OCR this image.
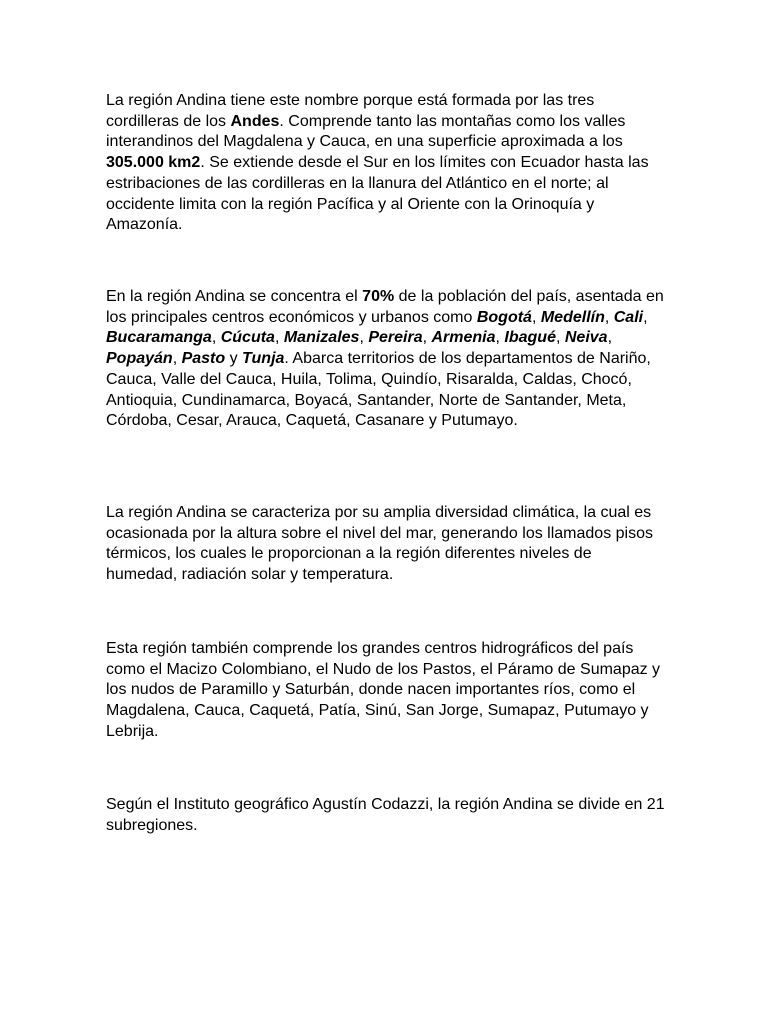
La región Andina tiene este nombre porque está formada por las tres cordilleras de los Andes. Comprende tanto las montañas como los valles interandinos del Magdalena y Cauca, en una superficie aproximada a los 305.000 km2. Se extiende desde el Sur en los límites con Ecuador hasta las estribaciones de las cordilleras en la llanura del Atlántico en el norte; al occidente limita con la región Pacífica y al Oriente con la Orinoquía y Amazonía.

En la región Andina se concentra el 70% de la población del país, asentada en los principales centros económicos y urbanos como Bogotá, Medellín, Cali, Bucaramanga, Cúcuta, Manizales, Pereira, Armenia, Ibagué, Neiva, Popayán, Pasto y Tunja. Abarca territorios de los departamentos de Nariño, Cauca, Valle del Cauca, Huila, Tolima, Quindío, Risaralda, Caldas, Chocó, Antioquia, Cundinamarca, Boyacá, Santander, Norte de Santander, Meta, Córdoba, Cesar, Arauca, Caquetá, Casanare y Putumayo.

La región Andina se caracteriza por su amplia diversidad climática, la cual es ocasionada por la altura sobre el nivel del mar, generando los llamados pisos térmicos, los cuales le proporcionan a la región diferentes niveles de humedad, radiación solar y temperatura.

Esta región también comprende los grandes centros hidrográficos del país como el Macizo Colombiano, el Nudo de los Pastos, el Páramo de Sumapaz y los nudos de Paramillo y Saturbán, donde nacen importantes ríos, como el Magdalena, Cauca, Caquetá, Patía, Sinú, San Jorge, Sumapaz, Putumayo y Lebrija.

Según el Instituto geográfico Agustín Codazzi, la región Andina se divide en 21 subregiones.
